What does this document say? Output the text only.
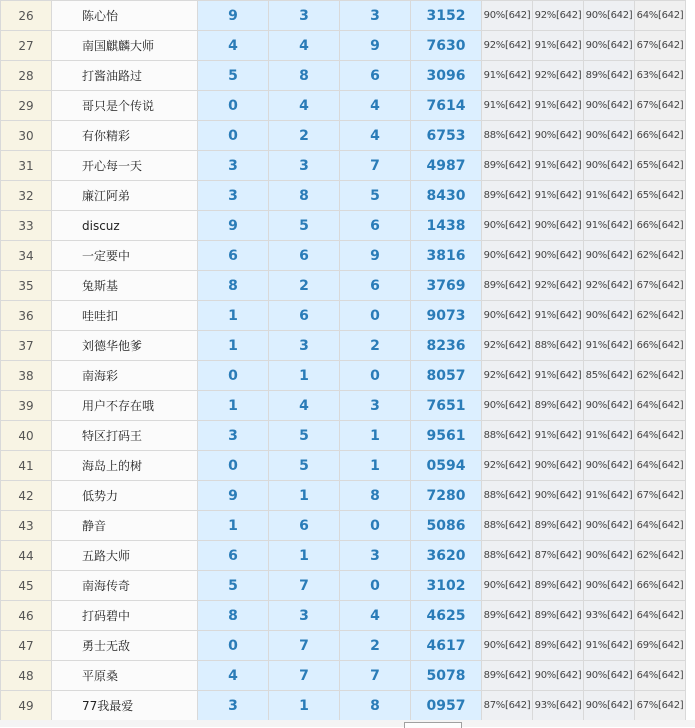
26	陈心怡	9	3	3	3152	90%[642]	92%[642]	90%[642]	64%[642]
27	南国麒麟大师	4	4	9	7630	92%[642]	91%[642]	90%[642]	67%[642]
28	打酱油路过	5	8	6	3096	91%[642]	92%[642]	89%[642]	63%[642]
29	哥只是个传说	0	4	4	7614	91%[642]	91%[642]	90%[642]	67%[642]
30	有你精彩	0	2	4	6753	88%[642]	90%[642]	90%[642]	66%[642]
31	开心每一天	3	3	7	4987	89%[642]	91%[642]	90%[642]	65%[642]
32	廉江阿弟	3	8	5	8430	89%[642]	91%[642]	91%[642]	65%[642]
33	discuz	9	5	6	1438	90%[642]	90%[642]	91%[642]	66%[642]
34	一定要中	6	6	9	3816	90%[642]	90%[642]	90%[642]	62%[642]
35	兔斯基	8	2	6	3769	89%[642]	92%[642]	92%[642]	67%[642]
36	哇哇扣	1	6	0	9073	90%[642]	91%[642]	90%[642]	62%[642]
37	刘德华他爹	1	3	2	8236	92%[642]	88%[642]	91%[642]	66%[642]
38	南海彩	0	1	0	8057	92%[642]	91%[642]	85%[642]	62%[642]
39	用户不存在哦	1	4	3	7651	90%[642]	89%[642]	90%[642]	64%[642]
40	特区打码王	3	5	1	9561	88%[642]	91%[642]	91%[642]	64%[642]
41	海岛上的树	0	5	1	0594	92%[642]	90%[642]	90%[642]	64%[642]
42	低势力	9	1	8	7280	88%[642]	90%[642]	91%[642]	67%[642]
43	静音	1	6	0	5086	88%[642]	89%[642]	90%[642]	64%[642]
44	五路大师	6	1	3	3620	88%[642]	87%[642]	90%[642]	62%[642]
45	南海传奇	5	7	0	3102	90%[642]	89%[642]	90%[642]	66%[642]
46	打码碧中	8	3	4	4625	89%[642]	89%[642]	93%[642]	64%[642]
47	勇士无敌	0	7	2	4617	90%[642]	89%[642]	91%[642]	69%[642]
48	平原桑	4	7	7	5078	89%[642]	90%[642]	90%[642]	64%[642]
49	77我最爱	3	1	8	0957	87%[642]	93%[642]	90%[642]	67%[642]
